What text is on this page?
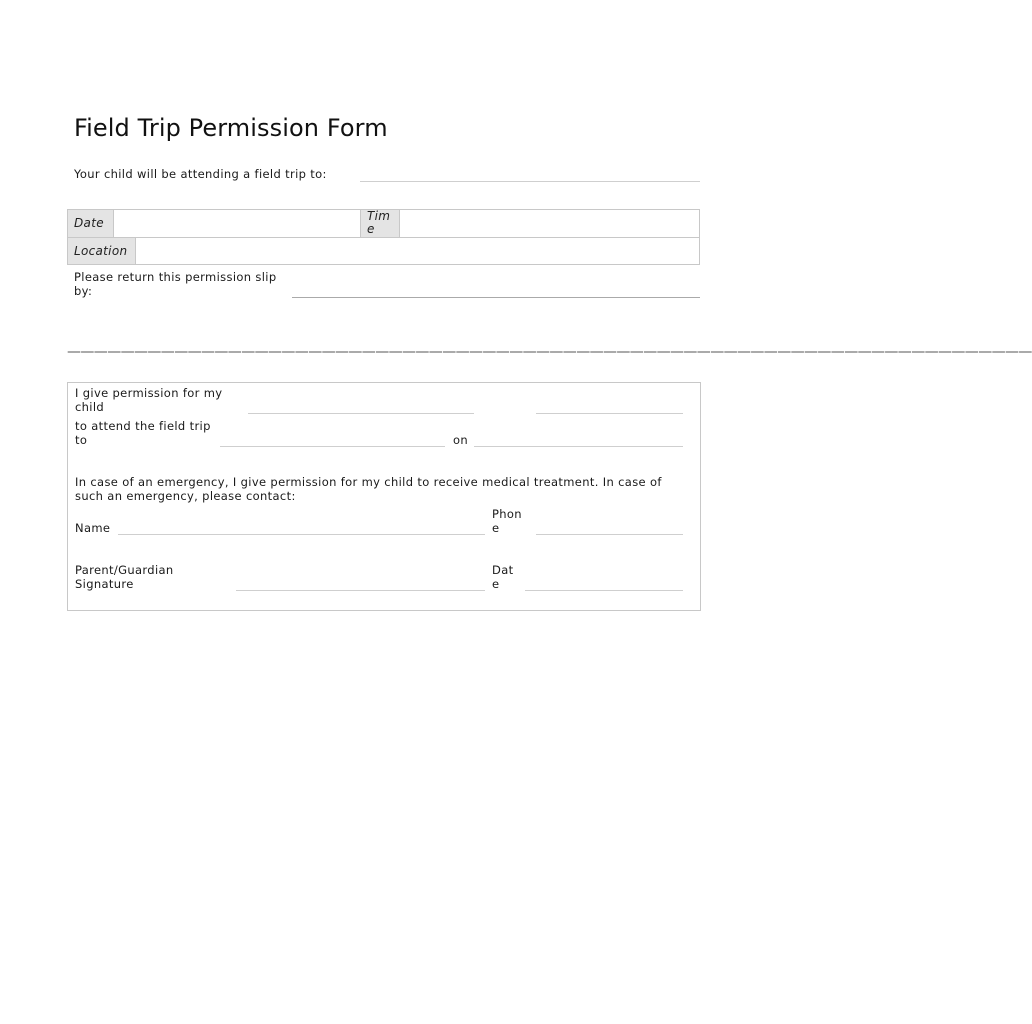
Field Trip Permission Form
Your child will be attending a field trip to:
Date	Tim e
Location
Please return this permission slip by:
————————————————————————————————————————————————————————————————————————
I give permission for my child
to attend the field trip to	on
In case of an emergency, I give permission for my child to receive medical treatment. In case of such an emergency, please contact:
Name
Phon e
Parent/Guardian Signature
Dat e
